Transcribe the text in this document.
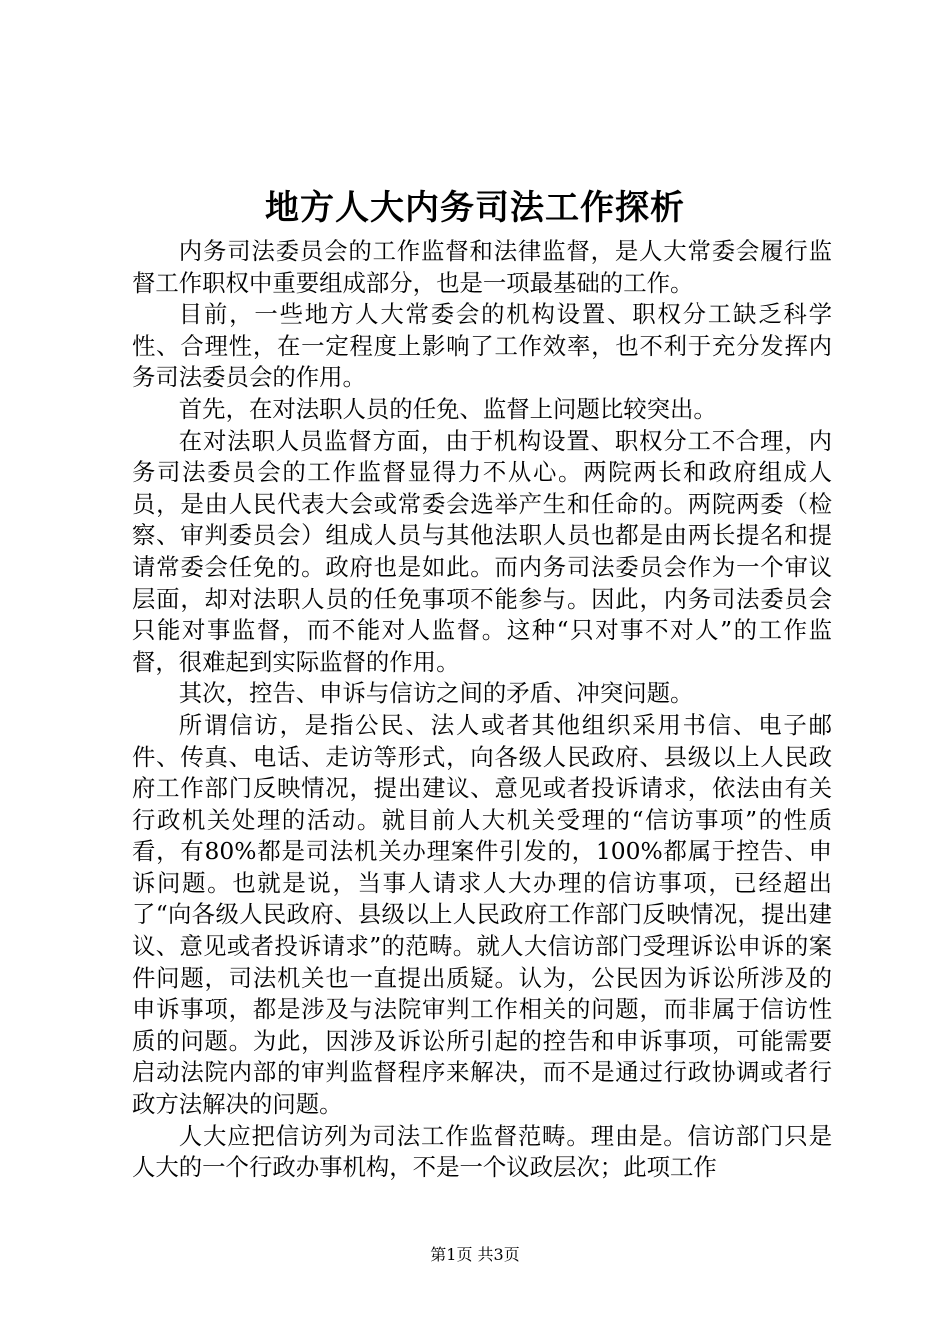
地方人大内务司法工作探析

内务司法委员会的工作监督和法律监督，是人大常委会履行监督工作职权中重要组成部分，也是一项最基础的工作。

目前，一些地方人大常委会的机构设置、职权分工缺乏科学性、合理性，在一定程度上影响了工作效率，也不利于充分发挥内务司法委员会的作用。

首先，在对法职人员的任免、监督上问题比较突出。

在对法职人员监督方面，由于机构设置、职权分工不合理，内务司法委员会的工作监督显得力不从心。两院两长和政府组成人员，是由人民代表大会或常委会选举产生和任命的。两院两委（检察、审判委员会）组成人员与其他法职人员也都是由两长提名和提请常委会任免的。政府也是如此。而内务司法委员会作为一个审议层面，却对法职人员的任免事项不能参与。因此，内务司法委员会只能对事监督，而不能对人监督。这种“只对事不对人”的工作监督，很难起到实际监督的作用。

其次，控告、申诉与信访之间的矛盾、冲突问题。

所谓信访，是指公民、法人或者其他组织采用书信、电子邮件、传真、电话、走访等形式，向各级人民政府、县级以上人民政府工作部门反映情况，提出建议、意见或者投诉请求，依法由有关行政机关处理的活动。就目前人大机关受理的“信访事项”的性质看，有80%都是司法机关办理案件引发的，100%都属于控告、申诉问题。也就是说，当事人请求人大办理的信访事项，已经超出了“向各级人民政府、县级以上人民政府工作部门反映情况，提出建议、意见或者投诉请求”的范畴。就人大信访部门受理诉讼申诉的案件问题，司法机关也一直提出质疑。认为，公民因为诉讼所涉及的申诉事项，都是涉及与法院审判工作相关的问题，而非属于信访性质的问题。为此，因涉及诉讼所引起的控告和申诉事项，可能需要启动法院内部的审判监督程序来解决，而不是通过行政协调或者行政方法解决的问题。

人大应把信访列为司法工作监督范畴。理由是。信访部门只是人大的一个行政办事机构，不是一个议政层次；此项工作

第1页 共3页
